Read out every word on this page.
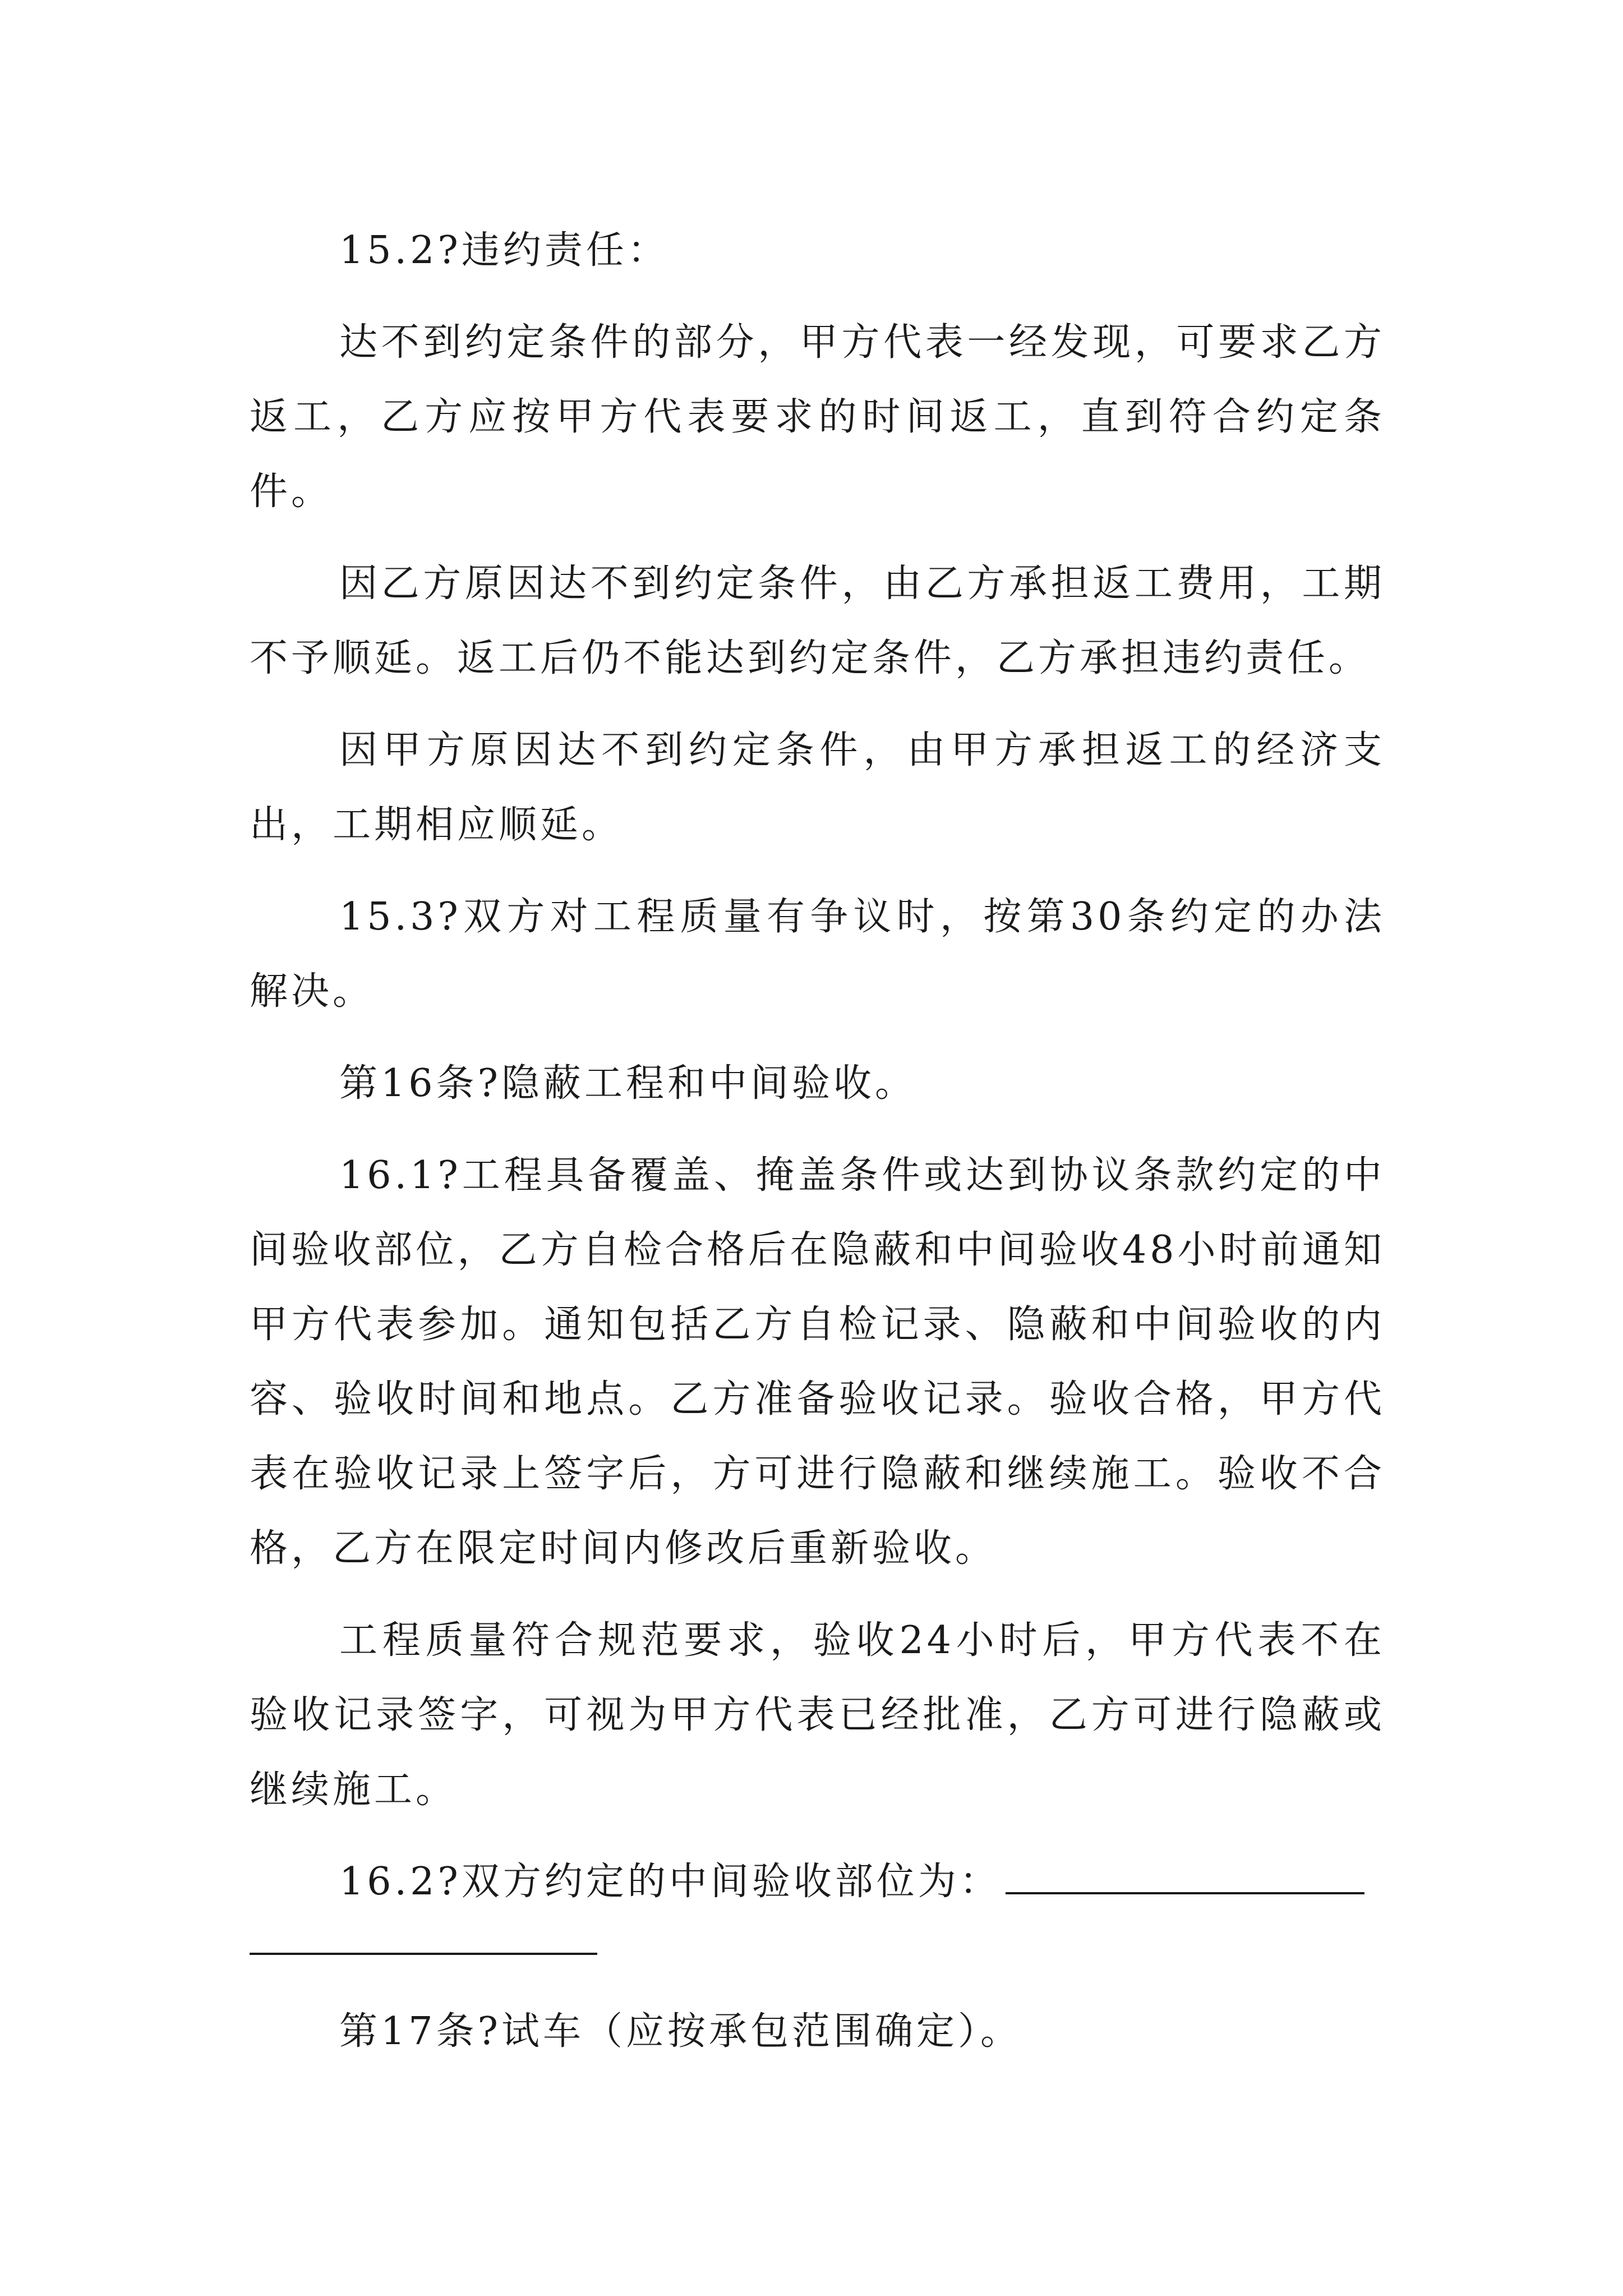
15.2?违约责任：

达不到约定条件的部分，甲方代表一经发现，可要求乙方返工，乙方应按甲方代表要求的时间返工，直到符合约定条件。

因乙方原因达不到约定条件，由乙方承担返工费用，工期不予顺延。返工后仍不能达到约定条件，乙方承担违约责任。

因甲方原因达不到约定条件，由甲方承担返工的经济支出，工期相应顺延。

15.3?双方对工程质量有争议时，按第30条约定的办法解决。

第16条?隐蔽工程和中间验收。

16.1?工程具备覆盖、掩盖条件或达到协议条款约定的中间验收部位，乙方自检合格后在隐蔽和中间验收48小时前通知甲方代表参加。通知包括乙方自检记录、隐蔽和中间验收的内容、验收时间和地点。乙方准备验收记录。验收合格，甲方代表在验收记录上签字后，方可进行隐蔽和继续施工。验收不合格，乙方在限定时间内修改后重新验收。

工程质量符合规范要求，验收24小时后，甲方代表不在验收记录签字，可视为甲方代表已经批准，乙方可进行隐蔽或继续施工。

16.2?双方约定的中间验收部位为：

第17条?试车（应按承包范围确定）。
